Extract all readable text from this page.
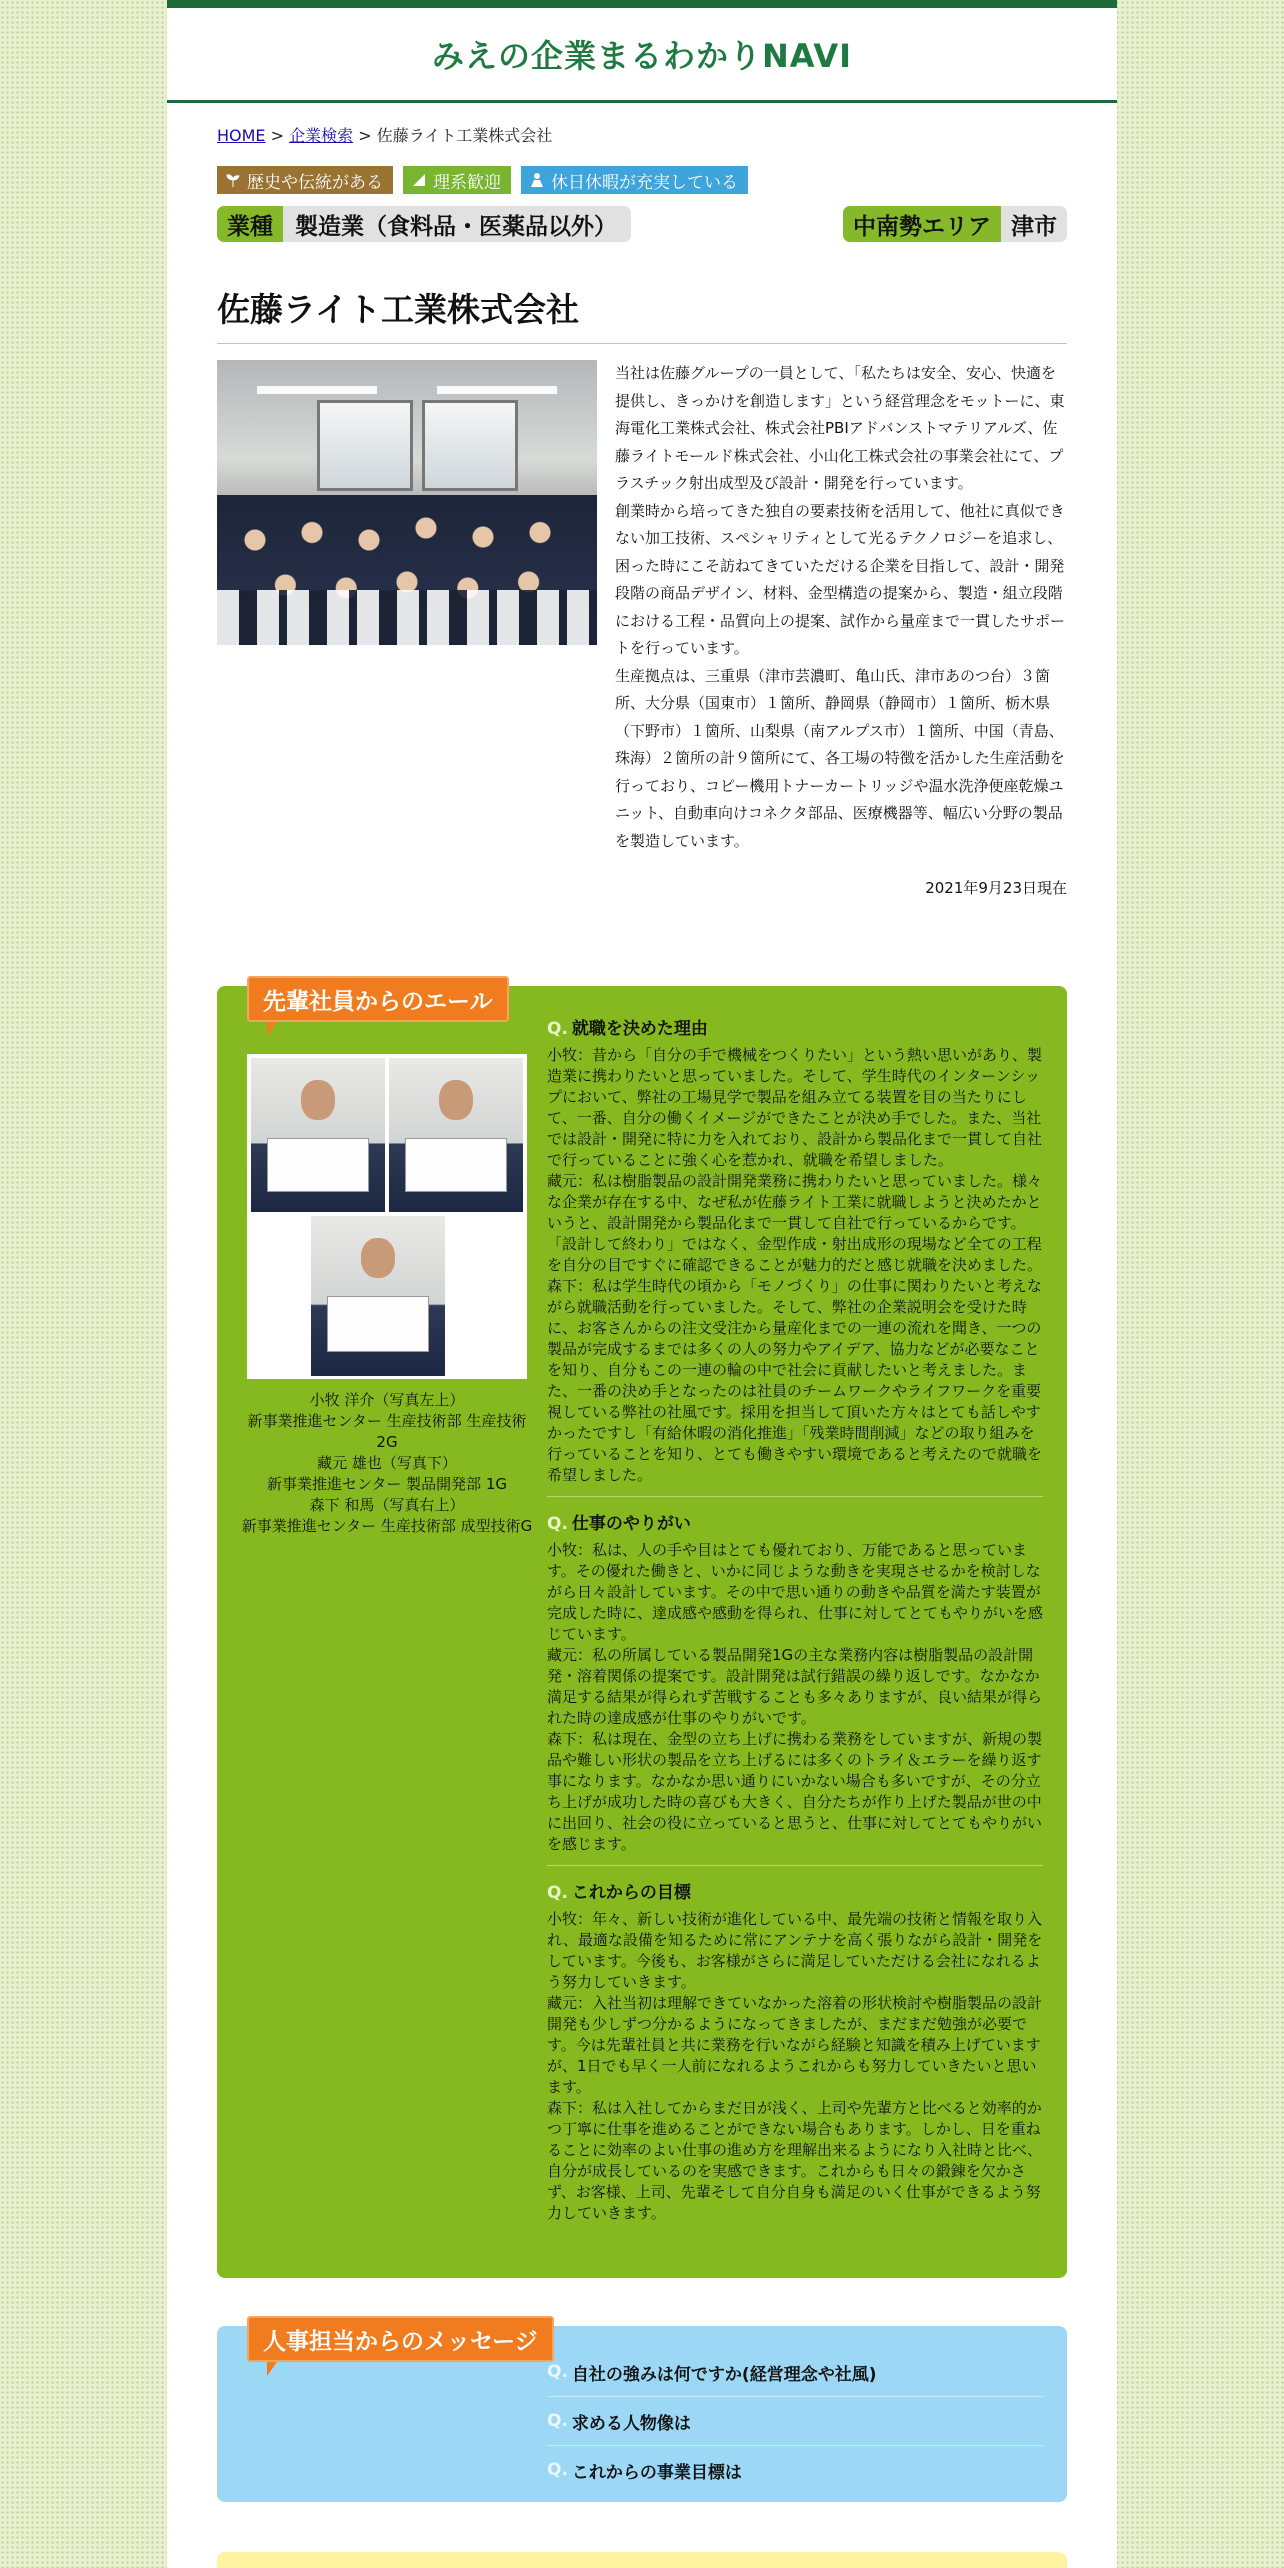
みえの企業まるわかりNAVI
HOME > 企業検索 > 佐藤ライト工業株式会社
歴史や伝統がある	理系歓迎	休日休暇が充実している
業種 製造業（食料品・医薬品以外）	中南勢エリア 津市
佐藤ライト工業株式会社

当社は佐藤グループの一員として、「私たちは安全、安心、快適を提供し、きっかけを創造します」という経営理念をモットーに、東海電化工業株式会社、株式会社PBIアドバンストマテリアルズ、佐藤ライトモールド株式会社、小山化工株式会社の事業会社にて、プラスチック射出成型及び設計・開発を行っています。

創業時から培ってきた独自の要素技術を活用して、他社に真似できない加工技術、スペシャリティとして光るテクノロジーを追求し、困った時にこそ訪ねてきていただける企業を目指して、設計・開発段階の商品デザイン、材料、金型構造の提案から、製造・組立段階における工程・品質向上の提案、試作から量産まで一貫したサポートを行っています。

生産拠点は、三重県（津市芸濃町、亀山氏、津市あのつ台）３箇所、大分県（国東市）１箇所、静岡県（静岡市）１箇所、栃木県（下野市）１箇所、山梨県（南アルプス市）１箇所、中国（青島、珠海）２箇所の計９箇所にて、各工場の特徴を活かした生産活動を行っており、コピー機用トナーカートリッジや温水洗浄便座乾燥ユニット、自動車向けコネクタ部品、医療機器等、幅広い分野の製品を製造しています。

2021年9月23日現在
先輩社員からのエール
小牧 洋介（写真左上）
新事業推進センター 生産技術部 生産技術2G
藏元 雄也（写真下）
新事業推進センター 製品開発部 1G
森下 和馬（写真右上）
新事業推進センター 生産技術部 成型技術G
Q. 就職を決めた理由

小牧：昔から「自分の手で機械をつくりたい」という熱い思いがあり、製造業に携わりたいと思っていました。そして、学生時代のインターンシップにおいて、弊社の工場見学で製品を組み立てる装置を目の当たりにして、一番、自分の働くイメージができたことが決め手でした。また、当社では設計・開発に特に力を入れており、設計から製品化まで一貫して自社で行っていることに強く心を惹かれ、就職を希望しました。

藏元：私は樹脂製品の設計開発業務に携わりたいと思っていました。様々な企業が存在する中、なぜ私が佐藤ライト工業に就職しようと決めたかというと、設計開発から製品化まで一貫して自社で行っているからです。「設計して終わり」ではなく、金型作成・射出成形の現場など全ての工程を自分の目ですぐに確認できることが魅力的だと感じ就職を決めました。

森下：私は学生時代の頃から「モノづくり」の仕事に関わりたいと考えながら就職活動を行っていました。そして、弊社の企業説明会を受けた時に、お客さんからの注文受注から量産化までの一連の流れを聞き、一つの製品が完成するまでは多くの人の努力やアイデア、協力などが必要なことを知り、自分もこの一連の輪の中で社会に貢献したいと考えました。また、一番の決め手となったのは社員のチームワークやライフワークを重要視している弊社の社風です。採用を担当して頂いた方々はとても話しやすかったですし「有給休暇の消化推進」「残業時間削減」などの取り組みを行っていることを知り、とても働きやすい環境であると考えたので就職を希望しました。

Q. 仕事のやりがい

小牧：私は、人の手や目はとても優れており、万能であると思っています。その優れた働きと、いかに同じような動きを実現させるかを検討しながら日々設計しています。その中で思い通りの動きや品質を満たす装置が完成した時に、達成感や感動を得られ、仕事に対してとてもやりがいを感じています。

藏元：私の所属している製品開発1Gの主な業務内容は樹脂製品の設計開発・溶着関係の提案です。設計開発は試行錯誤の繰り返しです。なかなか満足する結果が得られず苦戦することも多々ありますが、良い結果が得られた時の達成感が仕事のやりがいです。

森下：私は現在、金型の立ち上げに携わる業務をしていますが、新規の製品や難しい形状の製品を立ち上げるには多くのトライ＆エラーを繰り返す事になります。なかなか思い通りにいかない場合も多いですが、その分立ち上げが成功した時の喜びも大きく、自分たちが作り上げた製品が世の中に出回り、社会の役に立っていると思うと、仕事に対してとてもやりがいを感じます。

Q. これからの目標

小牧：年々、新しい技術が進化している中、最先端の技術と情報を取り入れ、最適な設備を知るために常にアンテナを高く張りながら設計・開発をしています。今後も、お客様がさらに満足していただける会社になれるよう努力していきます。

藏元：入社当初は理解できていなかった溶着の形状検討や樹脂製品の設計開発も少しずつ分かるようになってきましたが、まだまだ勉強が必要です。今は先輩社員と共に業務を行いながら経験と知識を積み上げていますが、1日でも早く一人前になれるようこれからも努力していきたいと思います。

森下：私は入社してからまだ日が浅く、上司や先輩方と比べると効率的かつ丁寧に仕事を進めることができない場合もあります。しかし、日を重ねることに効率のよい仕事の進め方を理解出来るようになり入社時と比べ、自分が成長しているのを実感できます。これからも日々の鍛錬を欠かさず、お客様、上司、先輩そして自分自身も満足のいく仕事ができるよう努力していきます。

人事担当からのメッセージ
Q. 自社の強みは何ですか(経営理念や社風)
Q. 求める人物像は
Q. これからの事業目標は
